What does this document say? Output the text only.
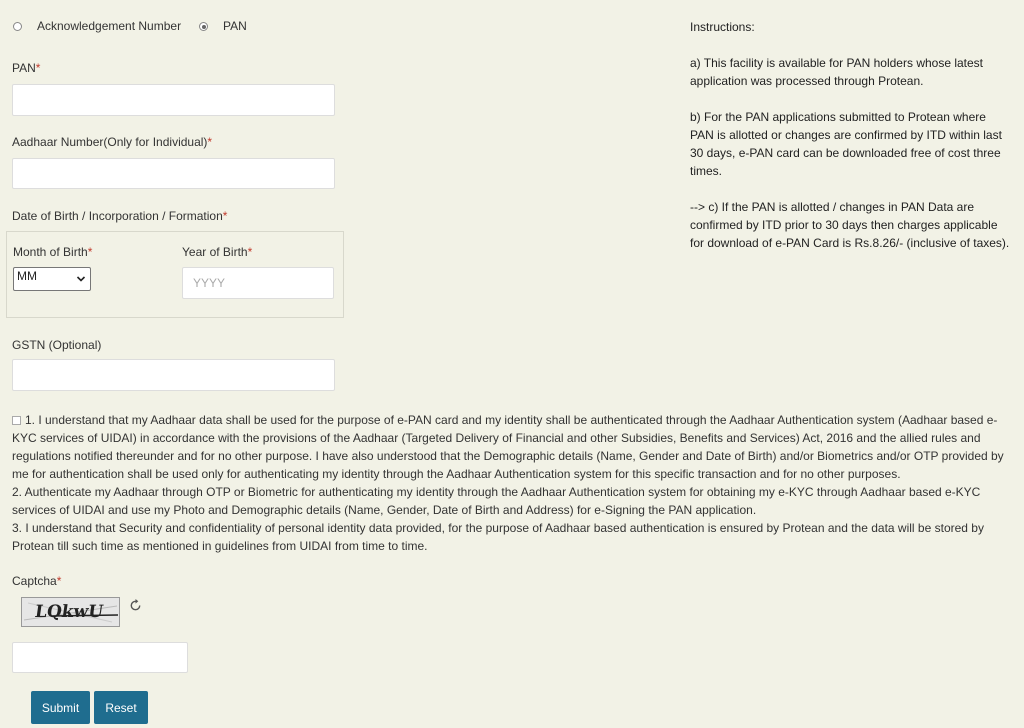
Acknowledgement Number	PAN
PAN*
Aadhaar Number(Only for Individual)*
Date of Birth / Incorporation / Formation*
Month of Birth*
MM
Year of Birth*
YYYY
GSTN (Optional)

1. I understand that my Aadhaar data shall be used for the purpose of e-PAN card and my identity shall be authenticated through the Aadhaar Authentication system (Aadhaar based e-KYC services of UIDAI) in accordance with the provisions of the Aadhaar (Targeted Delivery of Financial and other Subsidies, Benefits and Services) Act, 2016 and the allied rules and regulations notified thereunder and for no other purpose. I have also understood that the Demographic details (Name, Gender and Date of Birth) and/or Biometrics and/or OTP provided by me for authentication shall be used only for authenticating my identity through the Aadhaar Authentication system for this specific transaction and for no other purposes.

2. Authenticate my Aadhaar through OTP or Biometric for authenticating my identity through the Aadhaar Authentication system for obtaining my e-KYC through Aadhaar based e-KYC services of UIDAI and use my Photo and Demographic details (Name, Gender, Date of Birth and Address) for e-Signing the PAN application.

3. I understand that Security and confidentiality of personal identity data provided, for the purpose of Aadhaar based authentication is ensured by Protean and the data will be stored by Protean till such time as mentioned in guidelines from UIDAI from time to time.

Captcha*
LQkwU
Submit	Reset

Instructions:

a) This facility is available for PAN holders whose latest application was processed through Protean.

b) For the PAN applications submitted to Protean where PAN is allotted or changes are confirmed by ITD within last 30 days, e-PAN card can be downloaded free of cost three times.

--> c) If the PAN is allotted / changes in PAN Data are confirmed by ITD prior to 30 days then charges applicable for download of e-PAN Card is Rs.8.26/- (inclusive of taxes).
